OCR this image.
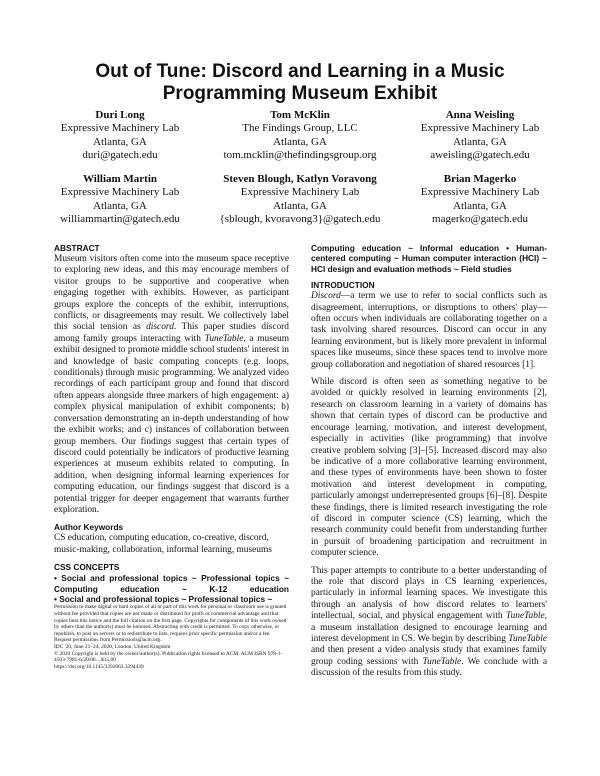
Out of Tune: Discord and Learning in a Music
Programming Museum Exhibit
Duri Long
Expressive Machinery Lab
Atlanta, GA
duri@gatech.edu
Tom McKlin
The Findings Group, LLC
Atlanta, GA
tom.mcklin@thefindingsgroup.org
Anna Weisling
Expressive Machinery Lab
Atlanta, GA
aweisling@gatech.edu
William Martin
Expressive Machinery Lab
Atlanta, GA
williammartin@gatech.edu
Steven Blough, Katlyn Voravong
Expressive Machinery Lab
Atlanta, GA
{sblough, kvoravong3}@gatech.edu
Brian Magerko
Expressive Machinery Lab
Atlanta, GA
magerko@gatech.edu
ABSTRACT

Museum visitors often come into the museum space receptive to exploring new ideas, and this may encourage members of visitor groups to be supportive and cooperative when engaging together with exhibits. However, as participant groups explore the concepts of the exhibit, interruptions, conflicts, or disagreements may result. We collectively label this social tension as discord. This paper studies discord among family groups interacting with TuneTable, a museum exhibit designed to promote middle school students' interest in and knowledge of basic computing concepts (e.g. loops, conditionals) through music programming. We analyzed video recordings of each participant group and found that discord often appears alongside three markers of high engagement: a) complex physical manipulation of exhibit components; b) conversation demonstrating an in-depth understanding of how the exhibit works; and c) instances of collaboration between group members. Our findings suggest that certain types of discord could potentially be indicators of productive learning experiences at museum exhibits related to computing. In addition, when designing informal learning experiences for computing education, our findings suggest that discord is a potential trigger for deeper engagement that warrants further exploration.

Author Keywords

CS education, computing education, co-creative, discord, music-making, collaboration, informal learning, museums

CSS CONCEPTS

• Social and professional topics ~ Professional topics ~ Computing education ~ K-12 education

• Social and professional topics ~ Professional topics ~

Permission to make digital or hard copies of all or part of this work for personal or classroom use is granted without fee provided that copies are not made or distributed for profit or commercial advantage and that copies bear this notice and the full citation on the first page. Copyrights for components of this work owned by others than the author(s) must be honored. Abstracting with credit is permitted. To copy otherwise, or republish, to post on servers or to redistribute to lists, requires prior specific permission and/or a fee. Request permissions from Permissions@acm.org.

IDC '20, June 21–24, 2020, London, United Kingdom

© 2020 Copyright is held by the owner/author(s). Publication rights licensed to ACM. ACM ISBN 978-1-4503-7981-6/20/06…$15.00

https://doi.org/10.1145/3392063.3394439

Computing education ~ Informal education • Human-centered computing ~ Human computer interaction (HCI) ~ HCI design and evaluation methods ~ Field studies

INTRODUCTION

Discord—a term we use to refer to social conflicts such as disagreement, interruptions, or disruptions to others' play—often occurs when individuals are collaborating together on a task involving shared resources. Discord can occur in any learning environment, but is likely more prevalent in informal spaces like museums, since these spaces tend to involve more group collaboration and negotiation of shared resources [1].

While discord is often seen as something negative to be avoided or quickly resolved in learning environments [2], research on classroom learning in a variety of domains has shown that certain types of discord can be productive and encourage learning, motivation, and interest development, especially in activities (like programming) that involve creative problem solving [3]–[5]. Increased discord may also be indicative of a more collaborative learning environment, and these types of environments have been shown to foster motivation and interest development in computing, particularly amongst underrepresented groups [6]–[8]. Despite these findings, there is limited research investigating the role of discord in computer science (CS) learning, which the research community could benefit from understanding further in pursuit of broadening participation and recruitment in computer science.

This paper attempts to contribute to a better understanding of the role that discord plays in CS learning experiences, particularly in informal learning spaces. We investigate this through an analysis of how discord relates to learners' intellectual, social, and physical engagement with TuneTable, a museum installation designed to encourage learning and interest development in CS. We begin by describing TuneTable and then present a video analysis study that examines family group coding sessions with TuneTable. We conclude with a discussion of the results from this study.
